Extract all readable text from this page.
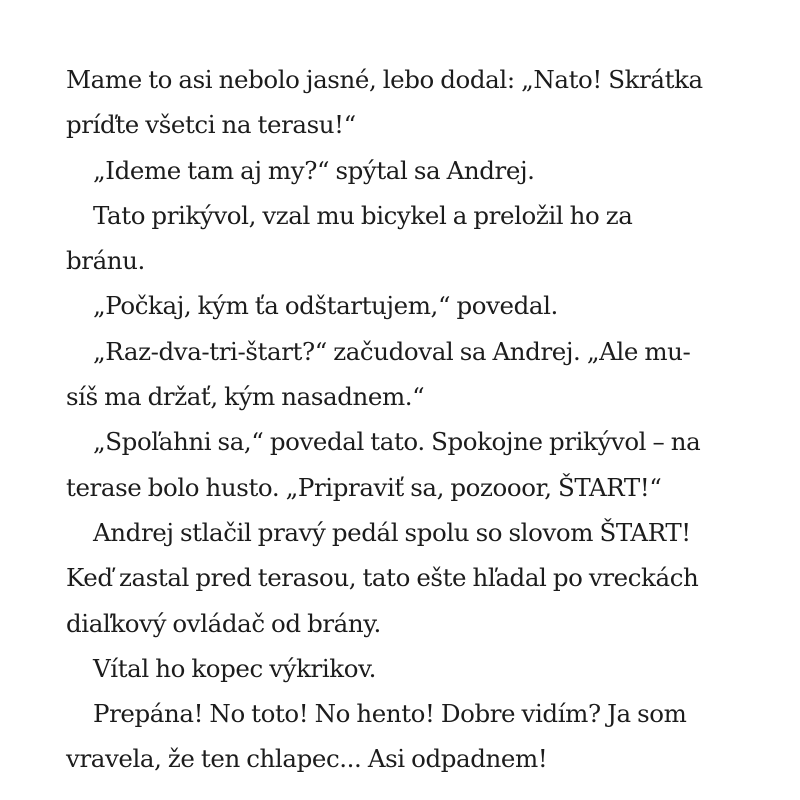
Mame to asi nebolo jasné, lebo dodal: „Nato! Skrátka
príďte všetci na terasu!“
„Ideme tam aj my?“ spýtal sa Andrej.
Tato prikývol, vzal mu bicykel a preložil ho za
bránu.
„Počkaj, kým ťa odštartujem,“ povedal.
„Raz-dva-tri-štart?“ začudoval sa Andrej. „Ale mu-
síš ma držať, kým nasadnem.“
„Spoľahni sa,“ povedal tato. Spokojne prikývol – na
terase bolo husto. „Pripraviť sa, pozooor, ŠTART!“
Andrej stlačil pravý pedál spolu so slovom ŠTART!
Keď zastal pred terasou, tato ešte hľadal po vreckách
diaľkový ovládač od brány.
Vítal ho kopec výkrikov.
Prepána! No toto! No hento! Dobre vidím? Ja som
vravela, že ten chlapec... Asi odpadnem!
